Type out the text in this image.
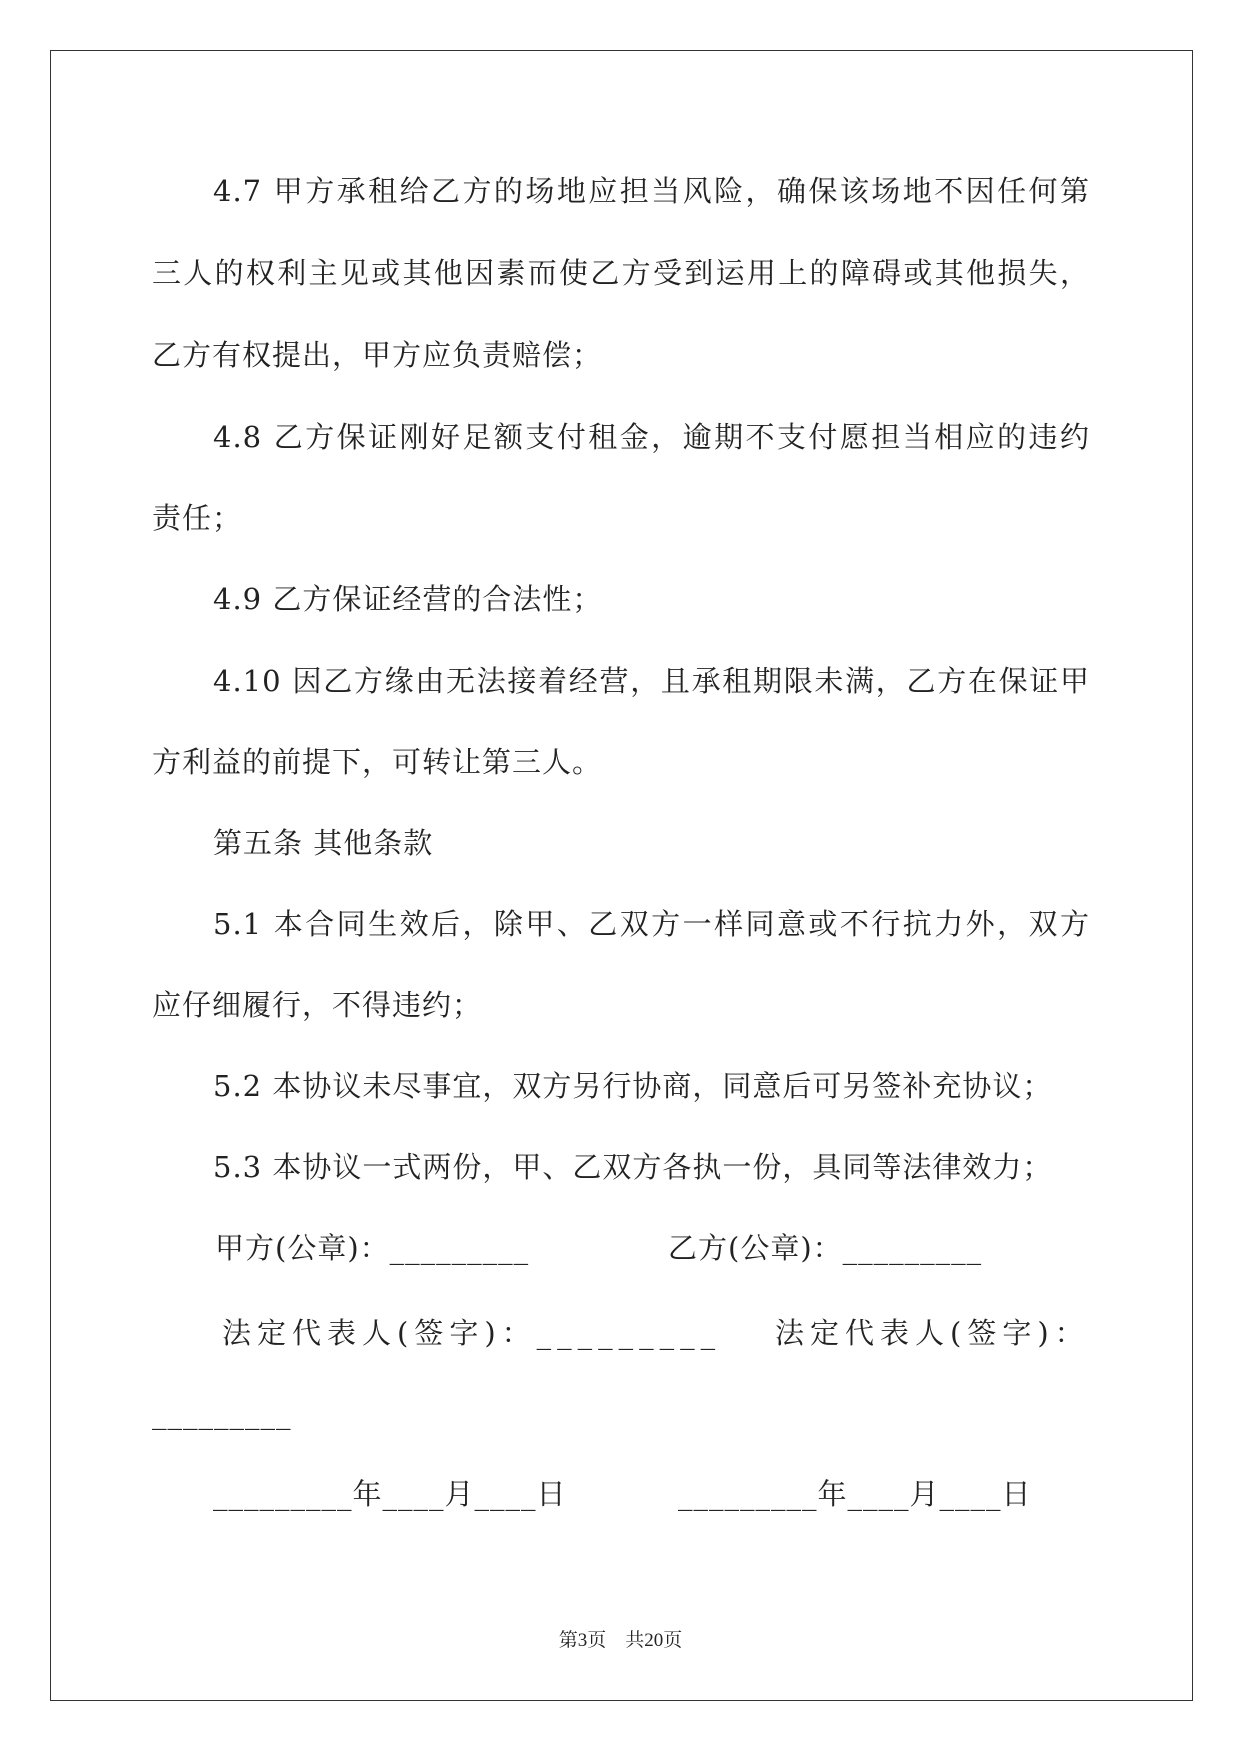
4.7 甲方承租给乙方的场地应担当风险，确保该场地不因任何第
三人的权利主见或其他因素而使乙方受到运用上的障碍或其他损失，
乙方有权提出，甲方应负责赔偿；
4.8 乙方保证刚好足额支付租金，逾期不支付愿担当相应的违约
责任；
4.9 乙方保证经营的合法性；
4.10 因乙方缘由无法接着经营，且承租期限未满，乙方在保证甲
方利益的前提下，可转让第三人。
第五条 其他条款
5.1 本合同生效后，除甲、乙双方一样同意或不行抗力外，双方
应仔细履行，不得违约；
5.2 本协议未尽事宜，双方另行协商，同意后可另签补充协议；
5.3 本协议一式两份，甲、乙双方各执一份，具同等法律效力；
甲方(公章)：_________	乙方(公章)：_________
法定代表人(签字)：_________ 法定代表人(签字)：
_________
_________年____月____日	_________年____月____日
第3页　共20页
